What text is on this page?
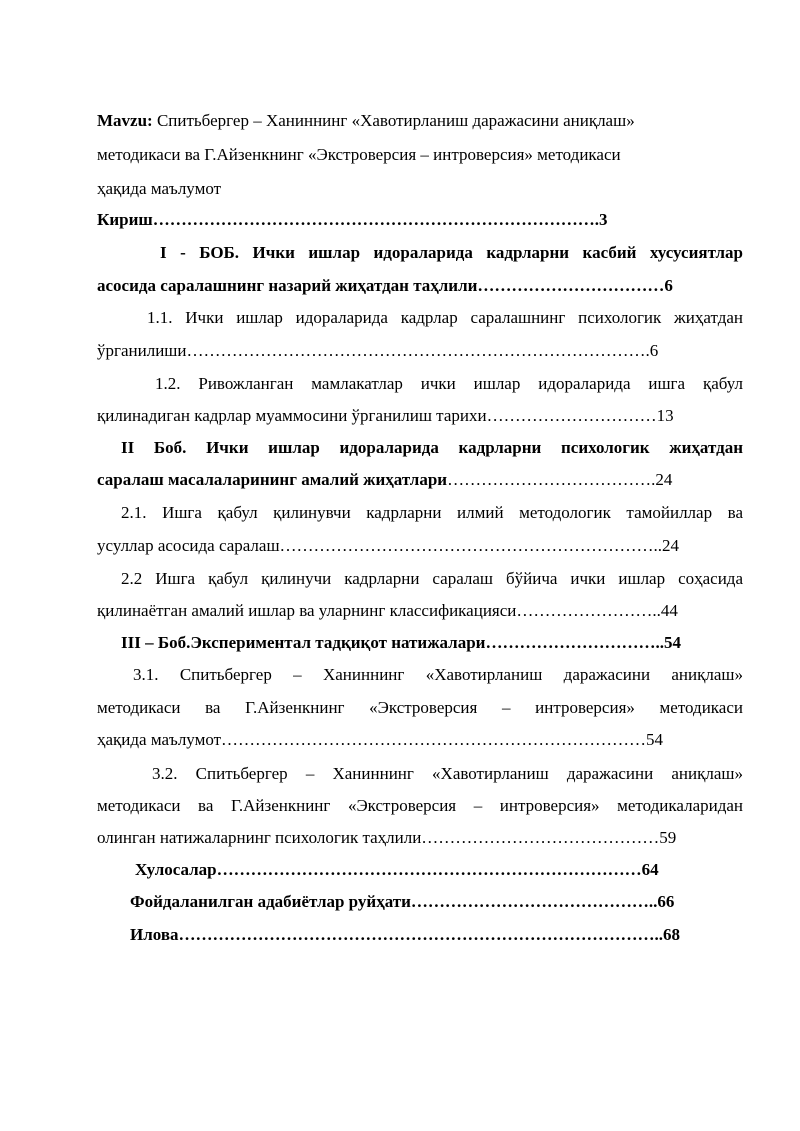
Mavzu: Спитьбергер – Ханиннинг «Хавотирланиш даражасини аниқлаш»
методикаси ва Г.Айзенкнинг «Экстроверсия – интроверсия» методикаси
ҳақида маълумот
Кириш…………………………………………………………………….3
I - БОБ. Ички ишлар идораларида кадрларни касбий хусусиятлар
асосида саралашнинг назарий жиҳатдан таҳлили……………………………6
1.1. Ички ишлар идораларида кадрлар саралашнинг психологик жиҳатдан
ўрганилиши……………………………………………………………………….6
1.2. Ривожланган мамлакатлар ички ишлар идораларида ишга қабул
қилинадиган кадрлар муаммосини ўрганилиш тарихи…………………………13
II Боб. Ички ишлар идораларида кадрларни психологик жиҳатдан
саралаш масалаларининг амалий жиҳатлари……………………………….24
2.1. Ишга қабул қилинувчи кадрларни илмий методологик тамойиллар ва
усуллар асосида саралаш…………………………………………………………..24
2.2 Ишга қабул қилинучи кадрларни саралаш бўйича ички ишлар соҳасида
қилинаётган амалий ишлар ва уларнинг классификацияси……………………..44
III – Боб.Экспериментал тадқиқот натижалари…………………………..54
3.1. Спитьбергер – Ханиннинг «Хавотирланиш даражасини аниқлаш»
методикаси ва Г.Айзенкнинг «Экстроверсия – интроверсия» методикаси
ҳақида маълумот…………………………………………………………………54
3.2. Спитьбергер – Ханиннинг «Хавотирланиш даражасини аниқлаш»
методикаси ва Г.Айзенкнинг «Экстроверсия – интроверсия» методикаларидан
олинган натижаларнинг психологик таҳлили……………………………………59
Хулосалар…………………………………………………………………64
Фойдаланилган адабиётлар руйҳати……………………………………..66
Илова…………………………………………………………………………..68
